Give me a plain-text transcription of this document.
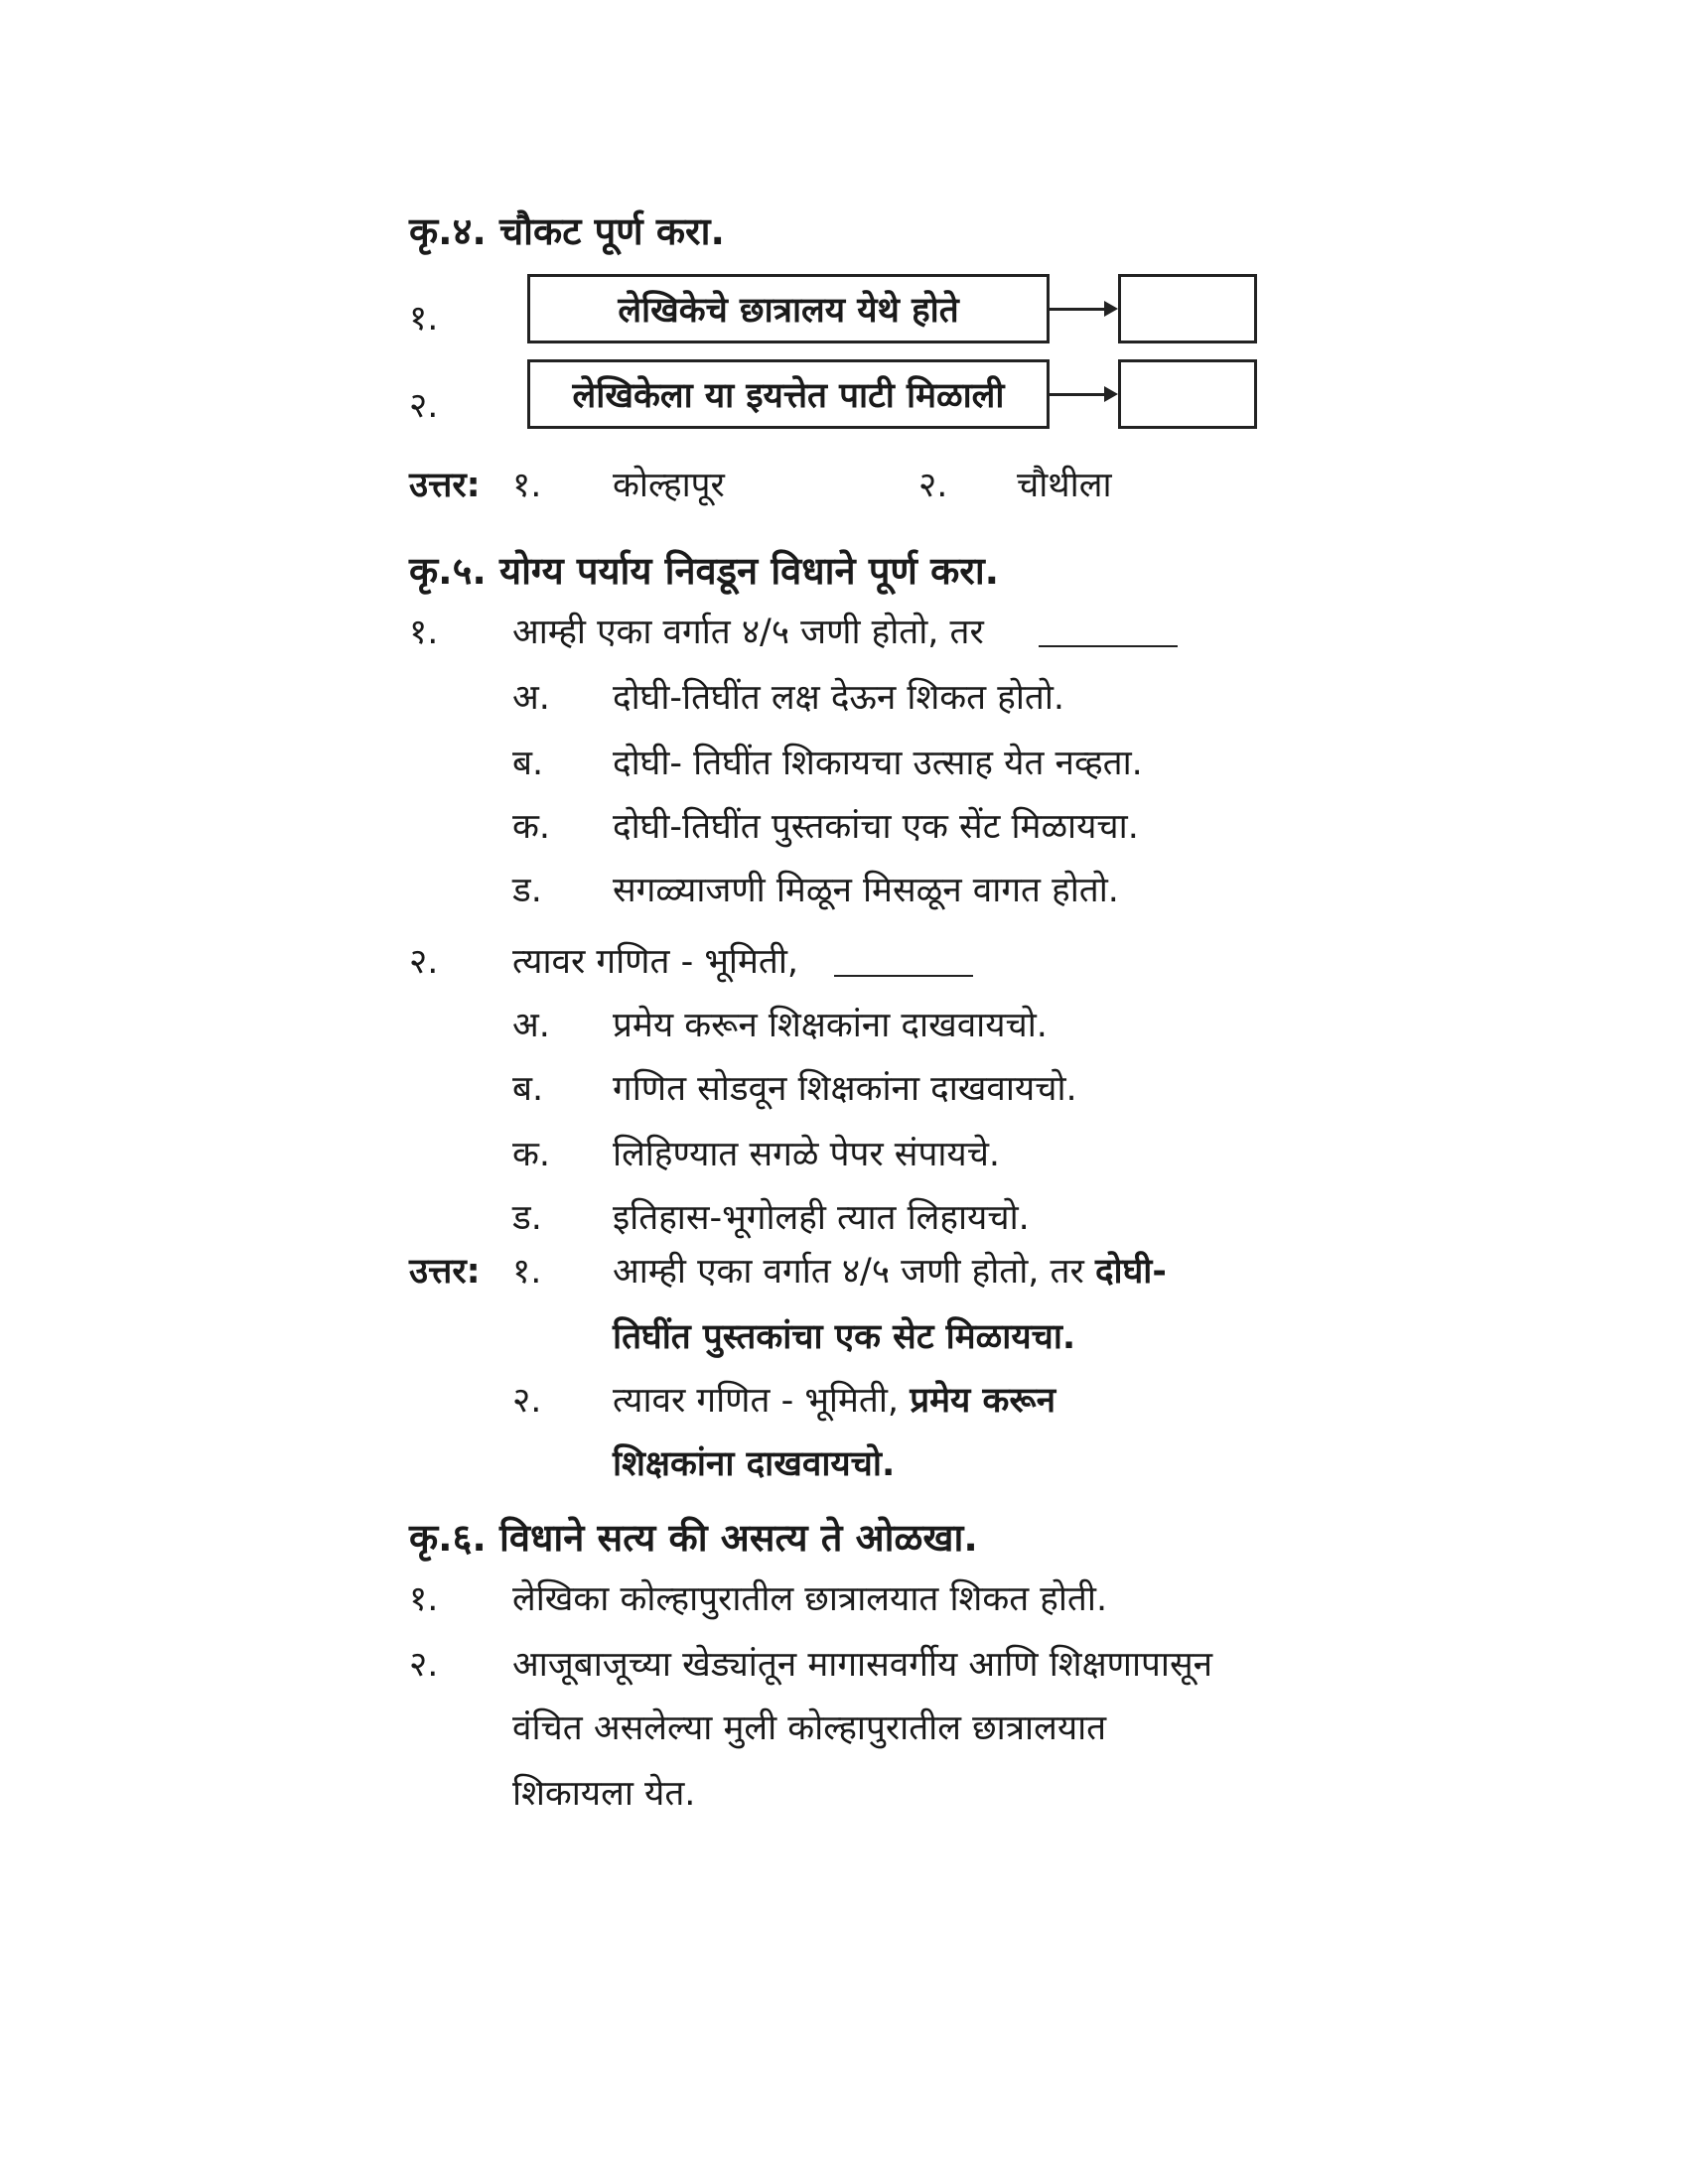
कृ.४. चौकट पूर्ण करा.
१.	लेखिकेचे छात्रालय येथे होते
२.	लेखिकेला या इयत्तेत पाटी मिळाली
उत्तर: १. कोल्हापूर	२. चौथीला
कृ.५. योग्य पर्याय निवडून विधाने पूर्ण करा.
१. आम्ही एका वर्गात ४/५ जणी होतो, तर
अ. दोघी-तिघींत लक्ष देऊन शिकत होतो.
ब. दोघी- तिघींत शिकायचा उत्साह येत नव्हता.
क. दोघी-तिघींत पुस्तकांचा एक सेंट मिळायचा.
ड. सगळ्याजणी मिळून मिसळून वागत होतो.
२. त्यावर गणित - भूमिती,
अ. प्रमेय करून शिक्षकांना दाखवायचो.
ब. गणित सोडवून शिक्षकांना दाखवायचो.
क. लिहिण्यात सगळे पेपर संपायचे.
ड. इतिहास-भूगोलही त्यात लिहायचो.
उत्तर: १. आम्ही एका वर्गात ४/५ जणी होतो, तर दोघी-
तिघींत पुस्तकांचा एक सेट मिळायचा.
२. त्यावर गणित - भूमिती, प्रमेय करून
शिक्षकांना दाखवायचो.
कृ.६. विधाने सत्य की असत्य ते ओळखा.
१. लेखिका कोल्हापुरातील छात्रालयात शिकत होती.
२. आजूबाजूच्या खेड्यांतून मागासवर्गीय आणि शिक्षणापासून
वंचित असलेल्या मुली कोल्हापुरातील छात्रालयात
शिकायला येत.
